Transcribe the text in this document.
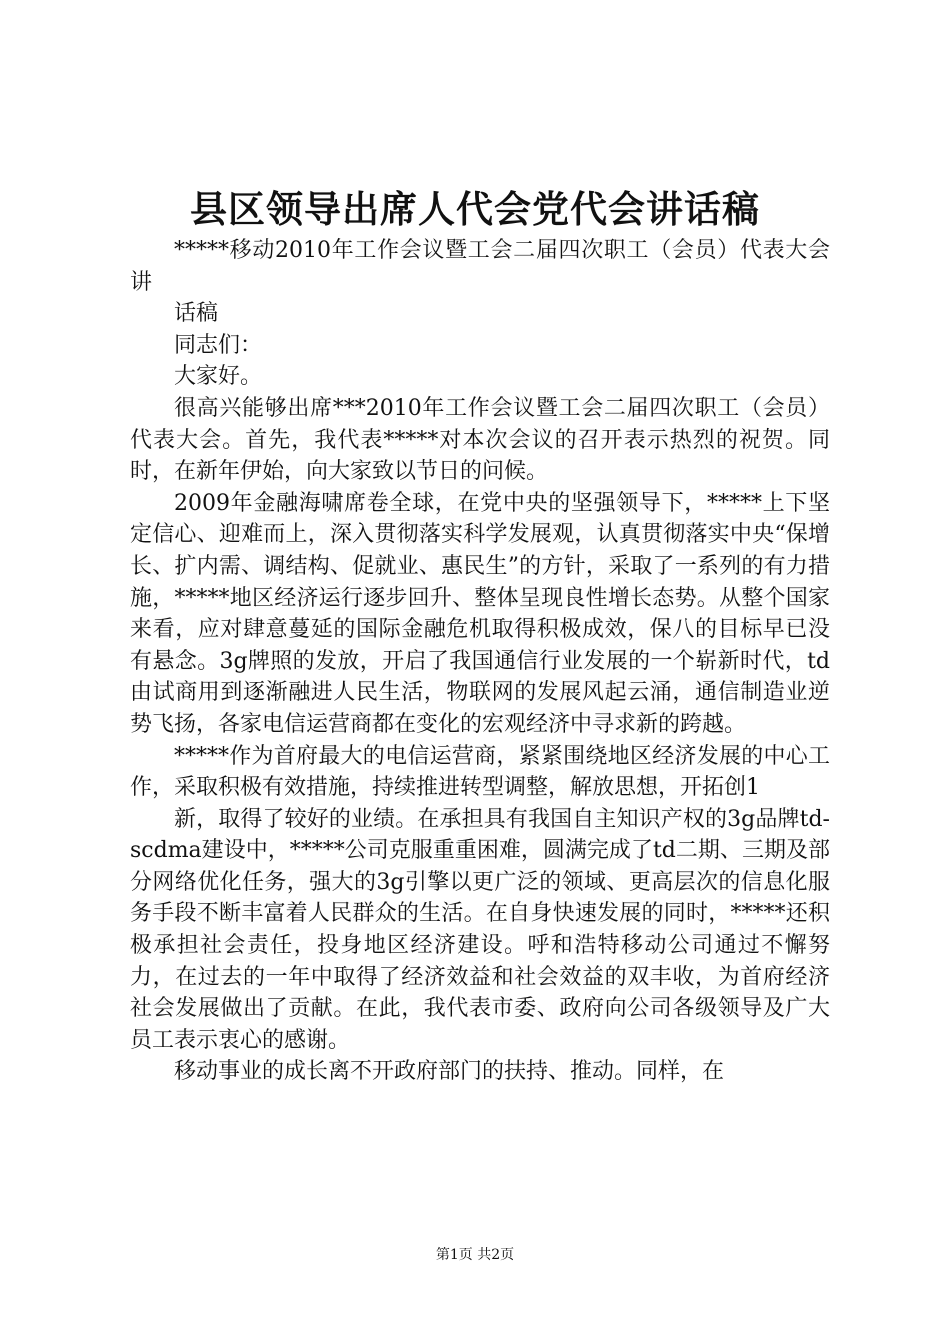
县区领导出席人代会党代会讲话稿

*****移动2010年工作会议暨工会二届四次职工（会员）代表大会讲

话稿

同志们：

大家好。

很高兴能够出席***2010年工作会议暨工会二届四次职工（会员）代表大会。首先，我代表*****对本次会议的召开表示热烈的祝贺。同时，在新年伊始，向大家致以节日的问候。

2009年金融海啸席卷全球，在党中央的坚强领导下，*****上下坚定信心、迎难而上，深入贯彻落实科学发展观，认真贯彻落实中央“保增长、扩内需、调结构、促就业、惠民生”的方针，采取了一系列的有力措施，*****地区经济运行逐步回升、整体呈现良性增长态势。从整个国家来看，应对肆意蔓延的国际金融危机取得积极成效，保八的目标早已没有悬念。3g牌照的发放，开启了我国通信行业发展的一个崭新时代，td由试商用到逐渐融进人民生活，物联网的发展风起云涌，通信制造业逆势飞扬，各家电信运营商都在变化的宏观经济中寻求新的跨越。

*****作为首府最大的电信运营商，紧紧围绕地区经济发展的中心工作，采取积极有效措施，持续推进转型调整，解放思想，开拓创1

新，取得了较好的业绩。在承担具有我国自主知识产权的3g品牌td-scdma建设中，*****公司克服重重困难，圆满完成了td二期、三期及部分网络优化任务，强大的3g引擎以更广泛的领域、更高层次的信息化服务手段不断丰富着人民群众的生活。在自身快速发展的同时，*****还积极承担社会责任，投身地区经济建设。呼和浩特移动公司通过不懈努力，在过去的一年中取得了经济效益和社会效益的双丰收，为首府经济社会发展做出了贡献。在此，我代表市委、政府向公司各级领导及广大员工表示衷心的感谢。

移动事业的成长离不开政府部门的扶持、推动。同样，在

第1页 共2页
